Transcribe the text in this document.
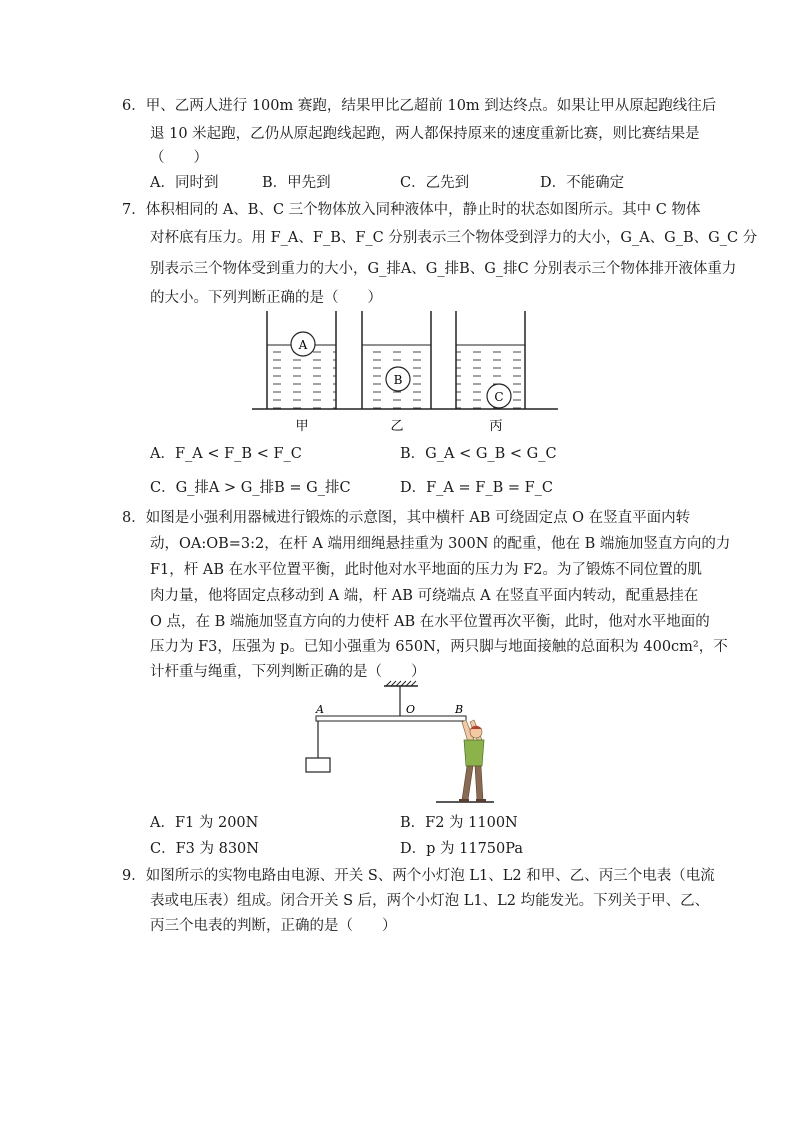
6．甲、乙两人进行 100m 赛跑，结果甲比乙超前 10m 到达终点。如果让甲从原起跑线往后
退 10 米起跑，乙仍从原起跑线起跑，两人都保持原来的速度重新比赛，则比赛结果是
（　　）
A．同时到	B．甲先到	C．乙先到	D．不能确定
7．体积相同的 A、B、C 三个物体放入同种液体中，静止时的状态如图所示。其中 C 物体
对杯底有压力。用 F_A、F_B、F_C 分别表示三个物体受到浮力的大小，G_A、G_B、G_C 分
别表示三个物体受到重力的大小，G_排A、G_排B、G_排C 分别表示三个物体排开液体重力
的大小。下列判断正确的是（　　）
A
B
C
甲	乙	丙
A．F_A < F_B < F_C	B．G_A < G_B < G_C
C．G_排A > G_排B = G_排C	D．F_A = F_B = F_C
8．如图是小强利用器械进行锻炼的示意图，其中横杆 AB 可绕固定点 O 在竖直平面内转
动，OA:OB=3:2，在杆 A 端用细绳悬挂重为 300N 的配重，他在 B 端施加竖直方向的力
F1，杆 AB 在水平位置平衡，此时他对水平地面的压力为 F2。为了锻炼不同位置的肌
肉力量，他将固定点移动到 A 端，杆 AB 可绕端点 A 在竖直平面内转动，配重悬挂在
O 点，在 B 端施加竖直方向的力使杆 AB 在水平位置再次平衡，此时，他对水平地面的
压力为 F3，压强为 p。已知小强重为 650N，两只脚与地面接触的总面积为 400cm²，不
计杆重与绳重，下列判断正确的是（　　）
A	O	B
A．F1 为 200N	B．F2 为 1100N
C．F3 为 830N	D．p 为 11750Pa
9．如图所示的实物电路由电源、开关 S、两个小灯泡 L1、L2 和甲、乙、丙三个电表（电流
表或电压表）组成。闭合开关 S 后，两个小灯泡 L1、L2 均能发光。下列关于甲、乙、
丙三个电表的判断，正确的是（　　）
